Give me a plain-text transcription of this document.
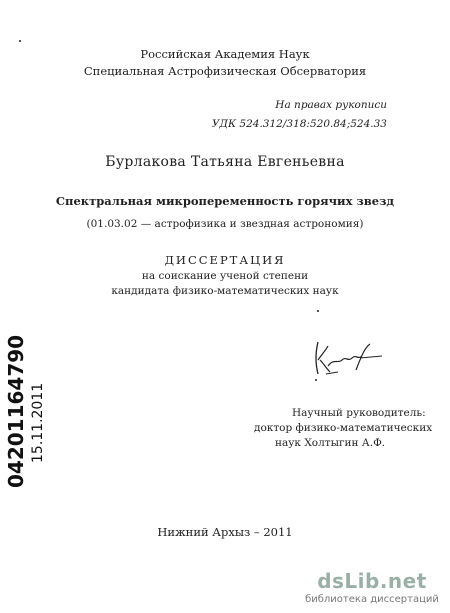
Российская Академия Наук
Специальная Астрофизическая Обсерватория
На правах рукописи
УДК 524.312/318:520.84;524.33
Бурлакова Татьяна Евгеньевна
Спектральная микропеременность горячих звезд
(01.03.02 — астрофизика и звездная астрономия)
ДИССЕРТАЦИЯ
на соискание ученой степени
кандидата физико-математических наук
Научный руководитель:
доктор физико-математических
наук Холтыгин А.Ф.
Нижний Архыз – 2011
04201164790 15.11.2011
dsLib.net
библиотека диссертаций
